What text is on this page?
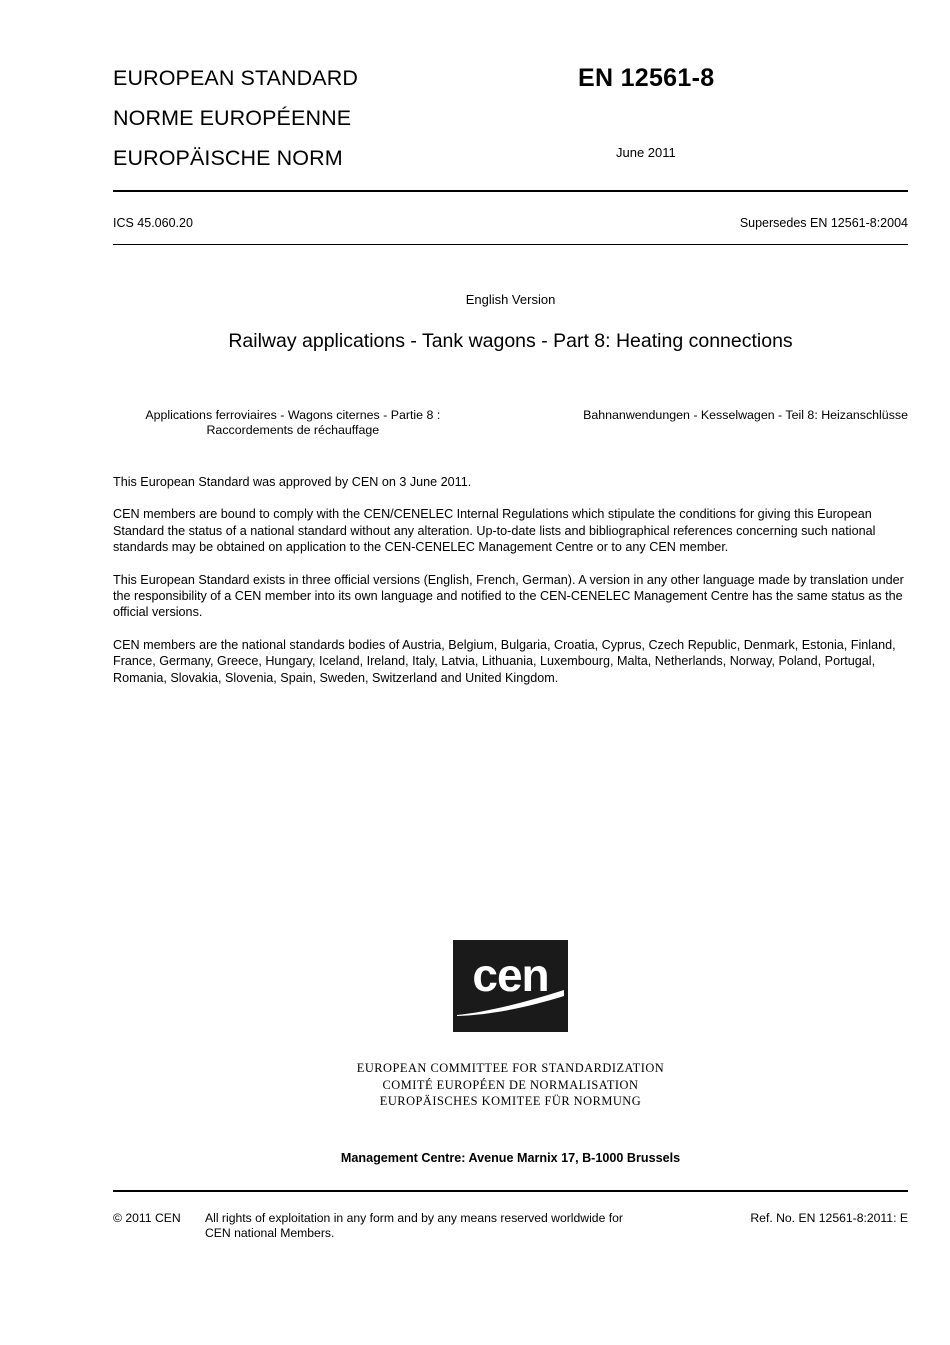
EUROPEAN STANDARD
NORME EUROPÉENNE
EUROPÄISCHE NORM
EN 12561-8
June 2011
ICS 45.060.20	Supersedes EN 12561-8:2004
English Version
Railway applications - Tank wagons - Part 8: Heating connections
Applications ferroviaires - Wagons citernes - Partie 8 : Raccordements de réchauffage
Bahnanwendungen - Kesselwagen - Teil 8: Heizanschlüsse

This European Standard was approved by CEN on 3 June 2011.

CEN members are bound to comply with the CEN/CENELEC Internal Regulations which stipulate the conditions for giving this European Standard the status of a national standard without any alteration. Up-to-date lists and bibliographical references concerning such national standards may be obtained on application to the CEN-CENELEC Management Centre or to any CEN member.

This European Standard exists in three official versions (English, French, German). A version in any other language made by translation under the responsibility of a CEN member into its own language and notified to the CEN-CENELEC Management Centre has the same status as the official versions.

CEN members are the national standards bodies of Austria, Belgium, Bulgaria, Croatia, Cyprus, Czech Republic, Denmark, Estonia, Finland, France, Germany, Greece, Hungary, Iceland, Ireland, Italy, Latvia, Lithuania, Luxembourg, Malta, Netherlands, Norway, Poland, Portugal, Romania, Slovakia, Slovenia, Spain, Sweden, Switzerland and United Kingdom.

cen
EUROPEAN COMMITTEE FOR STANDARDIZATION
COMITÉ EUROPÉEN DE NORMALISATION
EUROPÄISCHES KOMITEE FÜR NORMUNG
Management Centre: Avenue Marnix 17, B-1000 Brussels
© 2011 CEN All rights of exploitation in any form and by any means reserved worldwide for CEN national Members.
Ref. No. EN 12561-8:2011: E
